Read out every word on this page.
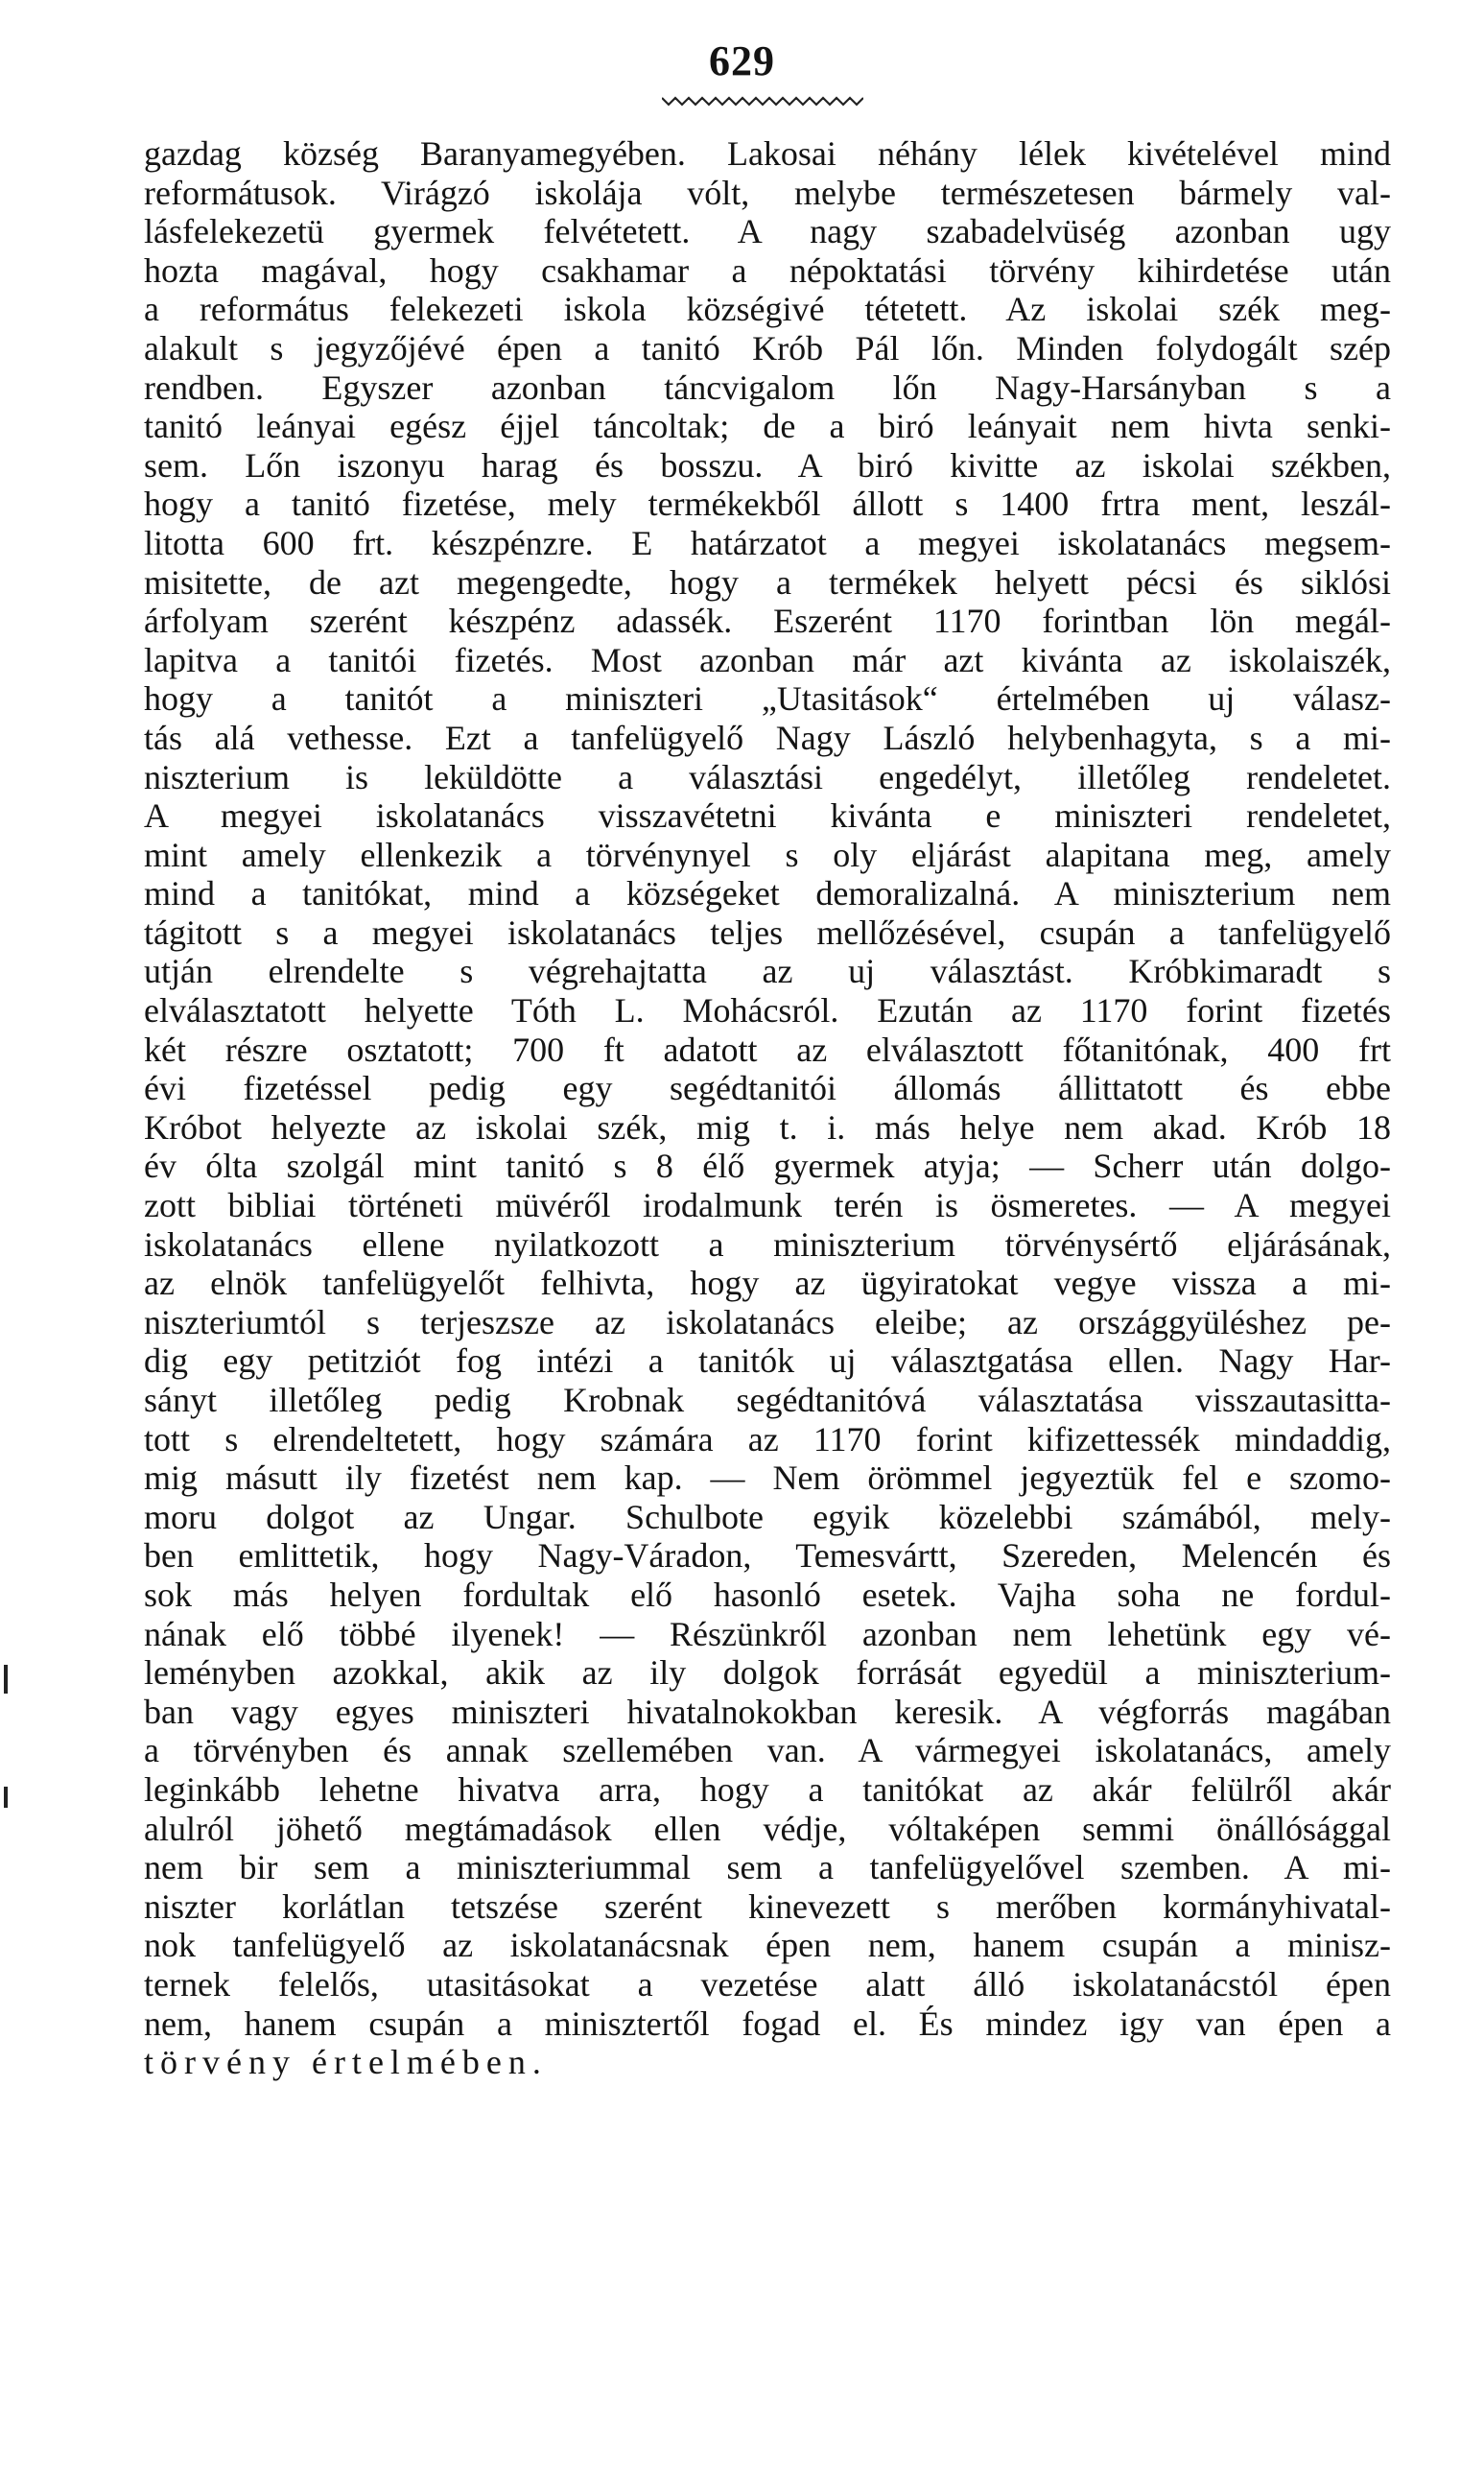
629
gazdag község Baranyamegyében. Lakosai néhány lélek kivételével mind
reformátusok. Virágzó iskolája vólt, melybe természetesen bármely val-
lásfelekezetü gyermek felvétetett. A nagy szabadelvüség azonban ugy
hozta magával, hogy csakhamar a népoktatási törvény kihirdetése után
a református felekezeti iskola községivé tétetett. Az iskolai szék meg-
alakult s jegyzőjévé épen a tanitó Krób Pál lőn. Minden folydogált szép
rendben. Egyszer azonban táncvigalom lőn Nagy-Harsányban s a
tanitó leányai egész éjjel táncoltak; de a biró leányait nem hivta senki-
sem. Lőn iszonyu harag és bosszu. A biró kivitte az iskolai székben,
hogy a tanitó fizetése, mely termékekből állott s 1400 frtra ment, leszál-
litotta 600 frt. készpénzre. E határzatot a megyei iskolatanács megsem-
misitette, de azt megengedte, hogy a termékek helyett pécsi és siklósi
árfolyam szerént készpénz adassék. Eszerént 1170 forintban lön megál-
lapitva a tanitói fizetés. Most azonban már azt kivánta az iskolaiszék,
hogy a tanitót a miniszteri „Utasitások“ értelmében uj válasz-
tás alá vethesse. Ezt a tanfelügyelő Nagy László helybenhagyta, s a mi-
niszterium is leküldötte a választási engedélyt, illetőleg rendeletet.
A megyei iskolatanács visszavétetni kivánta e miniszteri rendeletet,
mint amely ellenkezik a törvénynyel s oly eljárást alapitana meg, amely
mind a tanitókat, mind a községeket demoralizalná. A miniszterium nem
tágitott s a megyei iskolatanács teljes mellőzésével, csupán a tanfelügyelő
utján elrendelte s végrehajtatta az uj választást. Króbkimaradt s
elválasztatott helyette Tóth L. Mohácsról. Ezután az 1170 forint fizetés
két részre osztatott; 700 ft adatott az elválasztott főtanitónak, 400 frt
évi fizetéssel pedig egy segédtanitói állomás állittatott és ebbe
Króbot helyezte az iskolai szék, mig t. i. más helye nem akad. Krób 18
év ólta szolgál mint tanitó s 8 élő gyermek atyja; — Scherr után dolgo-
zott bibliai történeti müvéről irodalmunk terén is ösmeretes. — A megyei
iskolatanács ellene nyilatkozott a miniszterium törvénysértő eljárásának,
az elnök tanfelügyelőt felhivta, hogy az ügyiratokat vegye vissza a mi-
niszteriumtól s terjeszsze az iskolatanács eleibe; az országgyüléshez pe-
dig egy petitziót fog intézi a tanitók uj választgatása ellen. Nagy Har-
sányt illetőleg pedig Krobnak segédtanitóvá választatása visszautasitta-
tott s elrendeltetett, hogy számára az 1170 forint kifizettessék mindaddig,
mig másutt ily fizetést nem kap. — Nem örömmel jegyeztük fel e szomo-
moru dolgot az Ungar. Schulbote egyik közelebbi számából, mely-
ben emlittetik, hogy Nagy-Váradon, Temesvártt, Szereden, Melencén és
sok más helyen fordultak elő hasonló esetek. Vajha soha ne fordul-
nának elő többé ilyenek! — Részünkről azonban nem lehetünk egy vé-
leményben azokkal, akik az ily dolgok forrását egyedül a miniszterium-
ban vagy egyes miniszteri hivatalnokokban keresik. A végforrás magában
a törvényben és annak szellemében van. A vármegyei iskolatanács, amely
leginkább lehetne hivatva arra, hogy a tanitókat az akár felülről akár
alulról jöhető megtámadások ellen védje, vóltaképen semmi önállósággal
nem bir sem a miniszteriummal sem a tanfelügyelővel szemben. A mi-
niszter korlátlan tetszése szerént kinevezett s merőben kormányhivatal-
nok tanfelügyelő az iskolatanácsnak épen nem, hanem csupán a minisz-
ternek felelős, utasitásokat a vezetése alatt álló iskolatanácstól épen
nem, hanem csupán a minisztertől fogad el. És mindez igy van épen a
törvény értelmében.
